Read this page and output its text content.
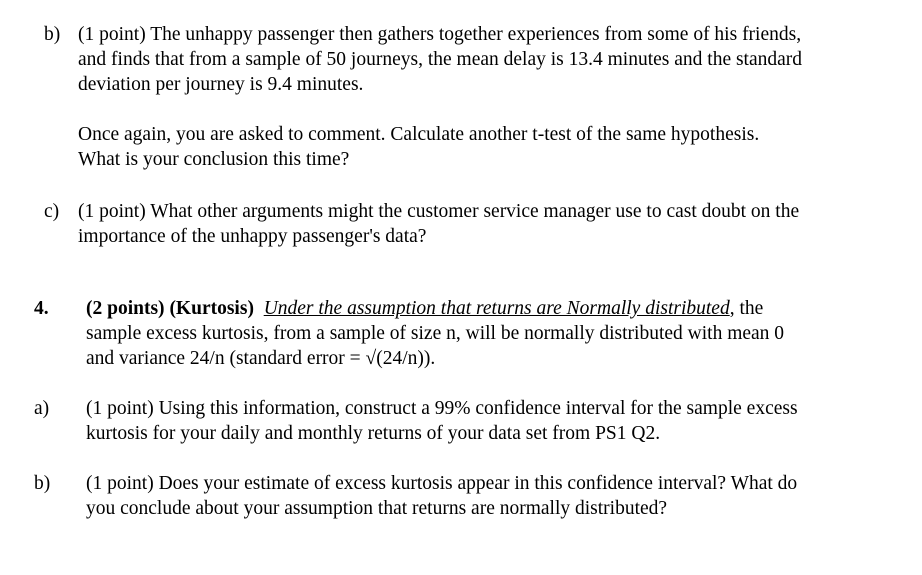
b) (1 point) The unhappy passenger then gathers together experiences from some of his friends,

and finds that from a sample of 50 journeys, the mean delay is 13.4 minutes and the standard

deviation per journey is 9.4 minutes.

Once again, you are asked to comment. Calculate another t-test of the same hypothesis.

What is your conclusion this time?

c) (1 point) What other arguments might the customer service manager use to cast doubt on the

importance of the unhappy passenger's data?

4. (2 points) (Kurtosis) Under the assumption that returns are Normally distributed, the

sample excess kurtosis, from a sample of size n, will be normally distributed with mean 0

and variance 24/n (standard error = √(24/n)).

a) (1 point) Using this information, construct a 99% confidence interval for the sample excess

kurtosis for your daily and monthly returns of your data set from PS1 Q2.

b) (1 point) Does your estimate of excess kurtosis appear in this confidence interval? What do

you conclude about your assumption that returns are normally distributed?
